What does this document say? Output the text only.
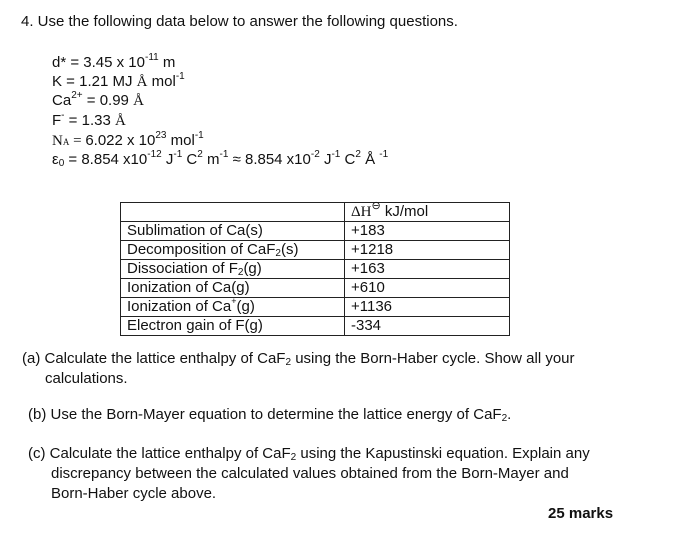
4. Use the following data below to answer the following questions.
d* = 3.45 x $10^{-11}$ m
K = 1.21 MJ Å mol$^{-1}$
$Ca^{2+} = 0.99$ Å
F- = 1.33 Å
NA = 6.022 x $10^{23}$ mol$^{-1}$
$\varepsilon_0 = 8.854$ $x10^{-12}$ $J^{-1}$ $C^2$ $m^{-1} \approx 8.854$ $x10^{-2}$ $J^{-1}$ $C^2$ Å $^{-1}$
	ΔH⊖ kJ/mol
Sublimation of Ca(s)	+183
Decomposition of CaF$_2$(s)	+1218
Dissociation of $F_2(g)$	+163
Ionization of Ca(g)	+610
Ionization of Ca+(g)	+1136
Electron gain of F(g)	-334
(a) Calculate the lattice enthalpy of CaF$_2$ using the Born-Haber cycle. Show all your
calculations.
(b) Use the Born-Mayer equation to determine the lattice energy of CaF$_2$.
(c) Calculate the lattice enthalpy of CaF$_2$ using the Kapustinski equation. Explain any
discrepancy between the calculated values obtained from the Born-Mayer and
Born-Haber cycle above.
25 marks
